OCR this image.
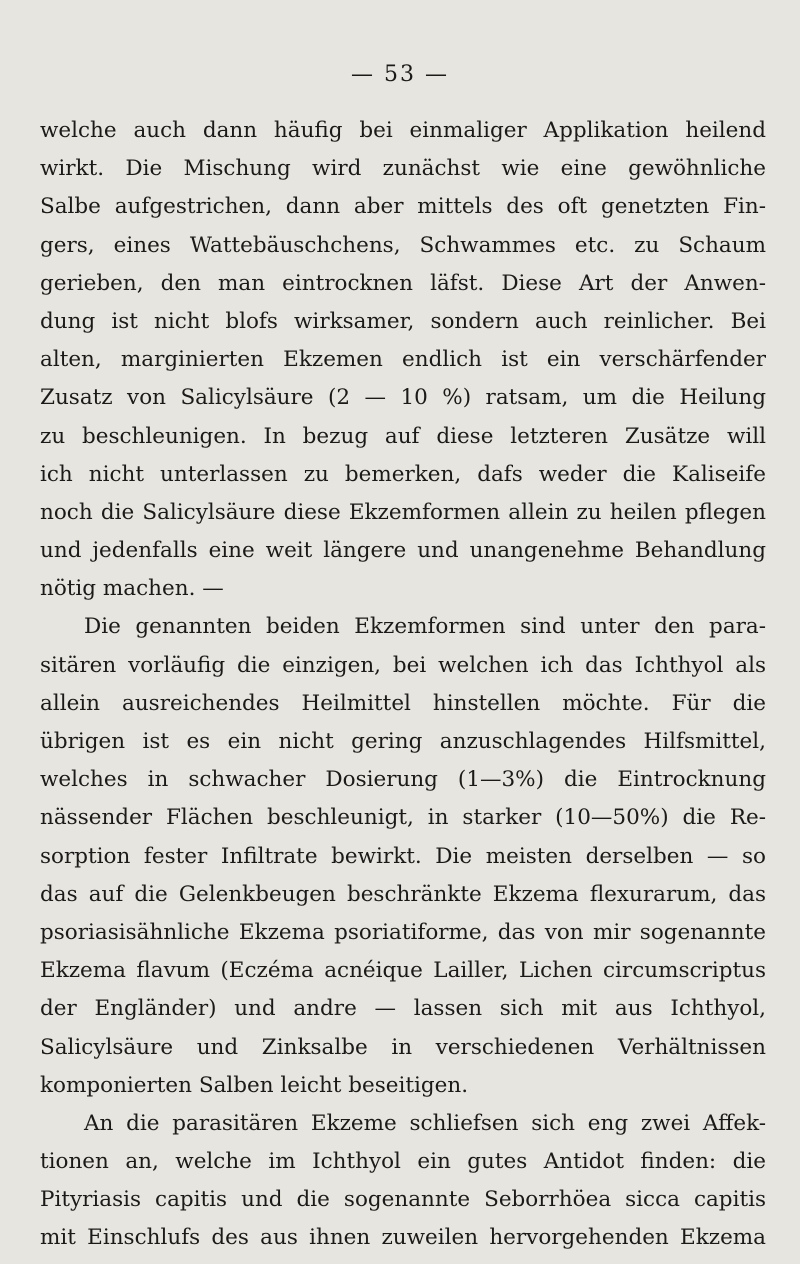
— 53 —
welche auch dann häufig bei einmaliger Applikation heilend
wirkt. Die Mischung wird zunächst wie eine gewöhnliche
Salbe aufgestrichen, dann aber mittels des oft genetzten Fin-
gers, eines Wattebäuschchens, Schwammes etc. zu Schaum
gerieben, den man eintrocknen läfst. Diese Art der Anwen-
dung ist nicht blofs wirksamer, sondern auch reinlicher. Bei
alten, marginierten Ekzemen endlich ist ein verschärfender
Zusatz von Salicylsäure (2 — 10 %) ratsam, um die Heilung
zu beschleunigen. In bezug auf diese letzteren Zusätze will
ich nicht unterlassen zu bemerken, dafs weder die Kaliseife
noch die Salicylsäure diese Ekzemformen allein zu heilen pflegen
und jedenfalls eine weit längere und unangenehme Behandlung
nötig machen. —
Die genannten beiden Ekzemformen sind unter den para-
sitären vorläufig die einzigen, bei welchen ich das Ichthyol als
allein ausreichendes Heilmittel hinstellen möchte. Für die
übrigen ist es ein nicht gering anzuschlagendes Hilfsmittel,
welches in schwacher Dosierung (1—3%) die Eintrocknung
nässender Flächen beschleunigt, in starker (10—50%) die Re-
sorption fester Infiltrate bewirkt. Die meisten derselben — so
das auf die Gelenkbeugen beschränkte Ekzema flexurarum, das
psoriasisähnliche Ekzema psoriatiforme, das von mir sogenannte
Ekzema flavum (Eczéma acnéique Lailler, Lichen circumscriptus
der Engländer) und andre — lassen sich mit aus Ichthyol,
Salicylsäure und Zinksalbe in verschiedenen Verhältnissen
komponierten Salben leicht beseitigen.
An die parasitären Ekzeme schliefsen sich eng zwei Affek-
tionen an, welche im Ichthyol ein gutes Antidot finden: die
Pityriasis capitis und die sogenannte Seborrhöea sicca capitis
mit Einschlufs des aus ihnen zuweilen hervorgehenden Ekzema
